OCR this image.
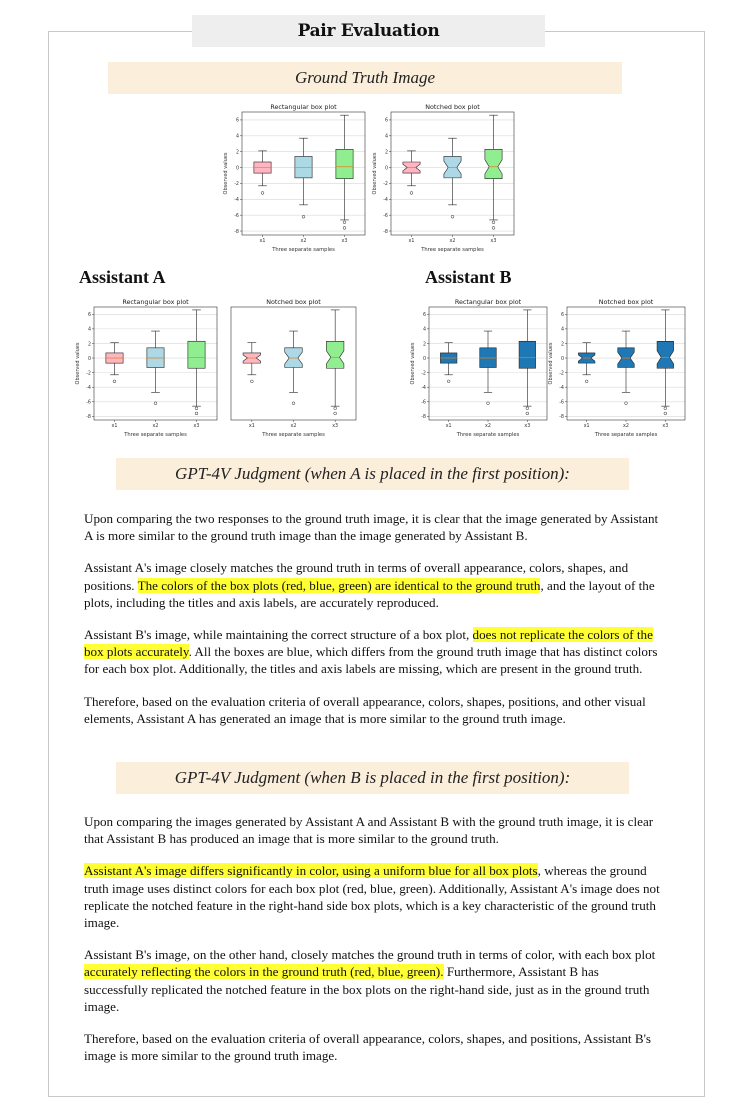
Pair Evaluation
Ground Truth Image
Rectangular box plot
-8
-6
-4
-2
0
2
4
6
Observed values
Three separate samples
x1	x2	x3
Notched box plot
-8
-6
-4
-2
0
2
4
6
Observed values
Three separate samples
x1	x2	x3
Assistant A	Assistant B
Rectangular box plot
-8
-6
-4
-2
0
2
4
6
Observed values
Three separate samples
x1	x2	x3
Notched box plot
Three separate samples
x1	x2	x3
Rectangular box plot
-8
-6
-4
-2
0
2
4
6
Observed values
Three separate samples
x1	x2	x3
Notched box plot
-8
-6
-4
-2
0
2
4
6
Observed values
Three separate samples
x1	x2	x3
GPT-4V Judgment (when A is placed in the first position):

Upon comparing the two responses to the ground truth image, it is clear that the image generated by Assistant A is more similar to the ground truth image than the image generated by Assistant B.

Assistant A's image closely matches the ground truth in terms of overall appearance, colors, shapes, and positions. The colors of the box plots (red, blue, green) are identical to the ground truth, and the layout of the plots, including the titles and axis labels, are accurately reproduced.

Assistant B's image, while maintaining the correct structure of a box plot, does not replicate the colors of the box plots accurately. All the boxes are blue, which differs from the ground truth image that has distinct colors for each box plot. Additionally, the titles and axis labels are missing, which are present in the ground truth.

Therefore, based on the evaluation criteria of overall appearance, colors, shapes, positions, and other visual elements, Assistant A has generated an image that is more similar to the ground truth image.

GPT-4V Judgment (when B is placed in the first position):

Upon comparing the images generated by Assistant A and Assistant B with the ground truth image, it is clear that Assistant B has produced an image that is more similar to the ground truth.

Assistant A's image differs significantly in color, using a uniform blue for all box plots, whereas the ground truth image uses distinct colors for each box plot (red, blue, green). Additionally, Assistant A's image does not replicate the notched feature in the right-hand side box plots, which is a key characteristic of the ground truth image.

Assistant B's image, on the other hand, closely matches the ground truth in terms of color, with each box plot accurately reflecting the colors in the ground truth (red, blue, green). Furthermore, Assistant B has successfully replicated the notched feature in the box plots on the right-hand side, just as in the ground truth image.

Therefore, based on the evaluation criteria of overall appearance, colors, shapes, and positions, Assistant B's image is more similar to the ground truth image.
